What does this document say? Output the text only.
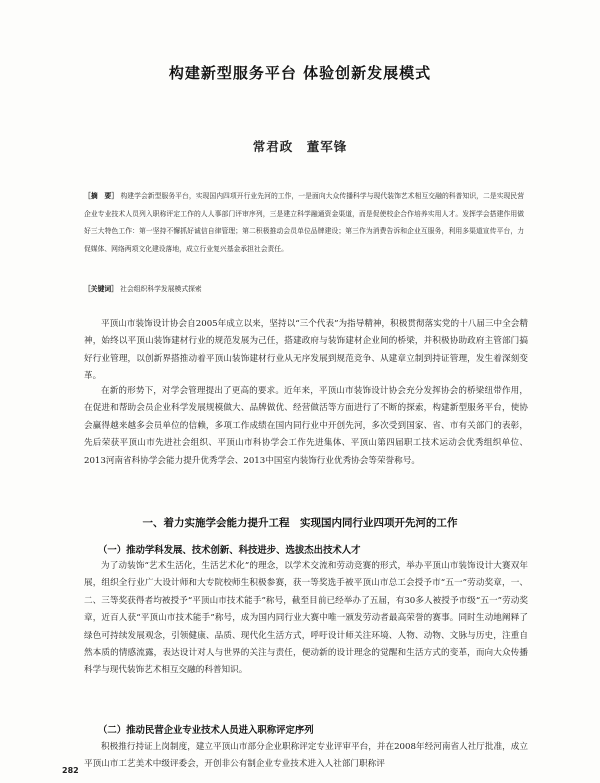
构建新型服务平台 体验创新发展模式
常君政　董军锋
［摘　要］ 构建学会新型服务平台，实现国内四项开行业先河的工作，一是面向大众传播科学与现代装饰艺术相互交融的科普知识，二是实现民营企业专业技术人员列入职称评定工作的人人事部门评审序列，三是建立科学融通资金渠道，而是促使校企合作培养实用人才。发挥学会搭建作用做好三大特色工作：第一坚持不懈抓好诚信自律管理；第二积极推动会员单位品牌建设；第三作为消费告诉和企业互服务，利用多渠道宣传平台，力促媒体、网络两项文化建设落地，成立行业复兴基金承担社会责任。
［关键词］ 社会组织科学发展模式探索
平顶山市装饰设计协会自2005年成立以来，坚持以“三个代表”为指导精神，积极贯彻落实党的十八届三中全会精神，始终以平顶山装饰建材行业的规范发展为己任，搭建政府与装饰建材企业间的桥梁，并积极协助政府主管部门搞好行业管理，以创新界搭推动着平顶山装饰建材行业从无序发展到规范竞争、从建章立制到持证管理，发生着深刻变革。
在新的形势下，对学会管理提出了更高的要求。近年来，平顶山市装饰设计协会充分发挥协会的桥梁纽带作用，在促进和帮助会员企业科学发展规模做大、品牌做优、经营做活等方面进行了不断的探索，构建新型服务平台，使协会赢得越来越多会员单位的信赖，多项工作成绩在国内同行业中开创先河，多次受到国家、省、市有关部门的表彰，先后荣获平顶山市先进社会组织、平顶山市科协学会工作先进集体、平顶山第四届职工技术运动会优秀组织单位、2013河南省科协学会能力提升优秀学会、2013中国室内装饰行业优秀协会等荣誉称号。
一、着力实施学会能力提升工程　实现国内同行业四项开先河的工作
（一）推动学科发展、技术创新、科技进步、选拔杰出技术人才
为了动装饰“艺术生活化，生活艺术化”的理念，以学术交流和劳动竞赛的形式，举办平顶山市装饰设计大赛双年展，组织全行业广大设计师和大专院校师生积极参赛，获一等奖选手被平顶山市总工会授予市“五一”劳动奖章，一、二、三等奖获得者均被授予“平顶山市技术能手”称号，截至目前已经举办了五届，有30多人被授予市级“五一”劳动奖章，近百人获“平顶山市技术能手”称号，成为国内同行业大赛中唯一颁发劳动者最高荣誉的赛事。同时生动地阐释了绿色可持续发展观念，引领健康、品质、现代化生活方式，呼吁设计师关注环境、人物、动物、文脉与历史，注重自然本质的情感流露，表达设计对人与世界的关注与责任，便动新的设计理念的觉醒和生活方式的变革，而向大众传播科学与现代装饰艺术相互交融的科普知识。
（二）推动民营企业专业技术人员进入职称评定序列
积极推行持证上岗制度，建立平顶山市部分企业职称评定专业评审平台，并在2008年经河南省人社厅批准，成立平顶山市工艺美术中级评委会，开创非公有制企业专业技术进入人社部门职称评
282
